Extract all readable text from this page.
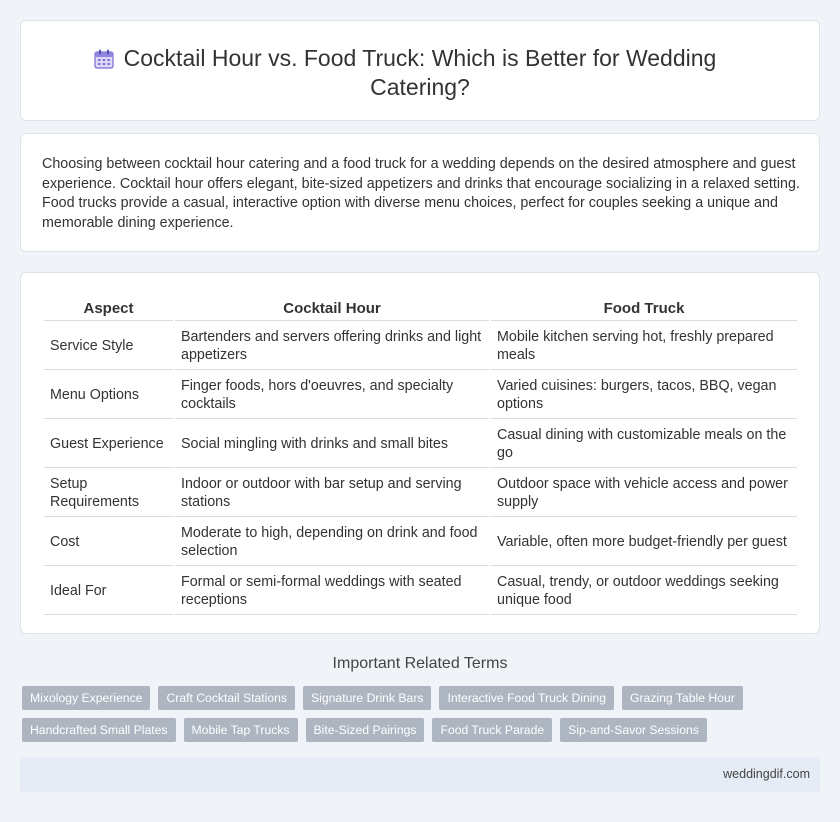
Cocktail Hour vs. Food Truck: Which is Better for Wedding Catering?

Choosing between cocktail hour catering and a food truck for a wedding depends on the desired atmosphere and guest experience. Cocktail hour offers elegant, bite-sized appetizers and drinks that encourage socializing in a relaxed setting. Food trucks provide a casual, interactive option with diverse menu choices, perfect for couples seeking a unique and memorable dining experience.

Aspect	Cocktail Hour	Food Truck
Service Style	Bartenders and servers offering drinks and light appetizers	Mobile kitchen serving hot, freshly prepared meals
Menu Options	Finger foods, hors d'oeuvres, and specialty cocktails	Varied cuisines: burgers, tacos, BBQ, vegan options
Guest Experience	Social mingling with drinks and small bites	Casual dining with customizable meals on the go
Setup Requirements	Indoor or outdoor with bar setup and serving stations	Outdoor space with vehicle access and power supply
Cost	Moderate to high, depending on drink and food selection	Variable, often more budget-friendly per guest
Ideal For	Formal or semi-formal weddings with seated receptions	Casual, trendy, or outdoor weddings seeking unique food
Important Related Terms
Mixology Experience	Craft Cocktail Stations	Signature Drink Bars	Interactive Food Truck Dining	Grazing Table Hour
Handcrafted Small Plates	Mobile Tap Trucks	Bite-Sized Pairings	Food Truck Parade	Sip-and-Savor Sessions
weddingdif.com
